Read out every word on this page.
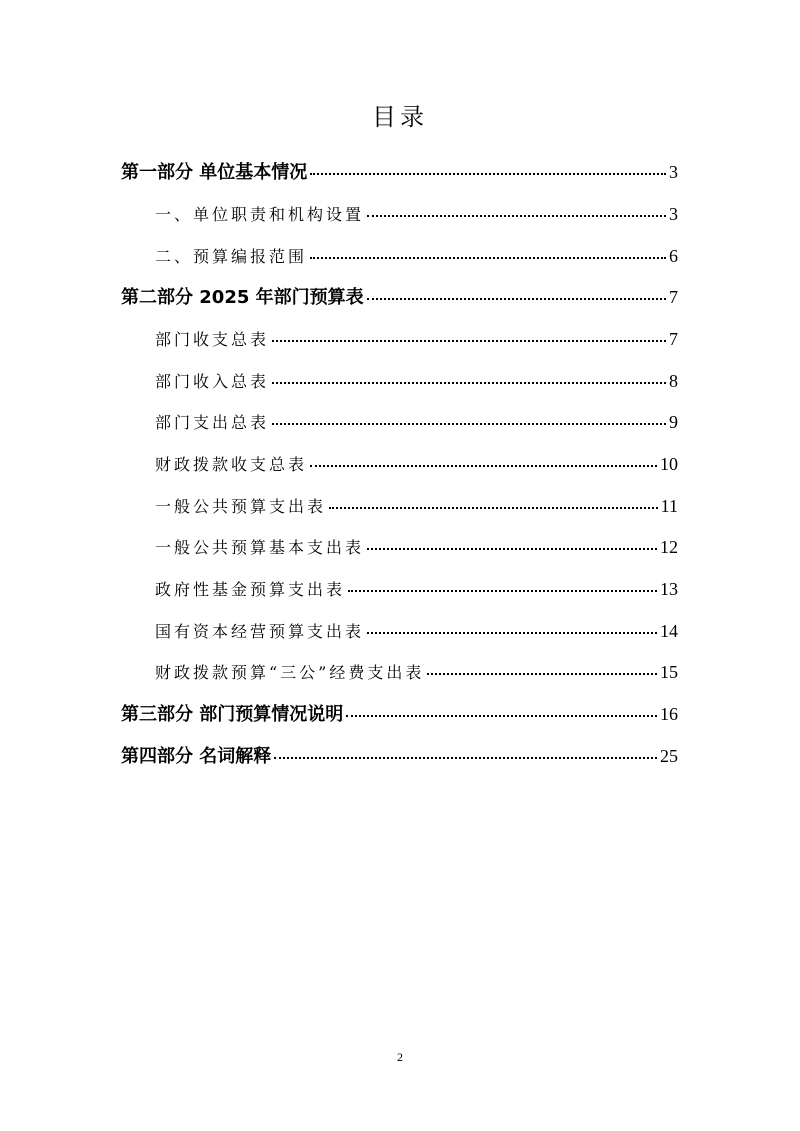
目录
第一部分 单位基本情况	3
一、单位职责和机构设置	3
二、预算编报范围	6
第二部分 2025 年部门预算表	7
部门收支总表	7
部门收入总表	8
部门支出总表	9
财政拨款收支总表	10
一般公共预算支出表	11
一般公共预算基本支出表	12
政府性基金预算支出表	13
国有资本经营预算支出表	14
财政拨款预算“三公”经费支出表	15
第三部分 部门预算情况说明	16
第四部分 名词解释	25
2
